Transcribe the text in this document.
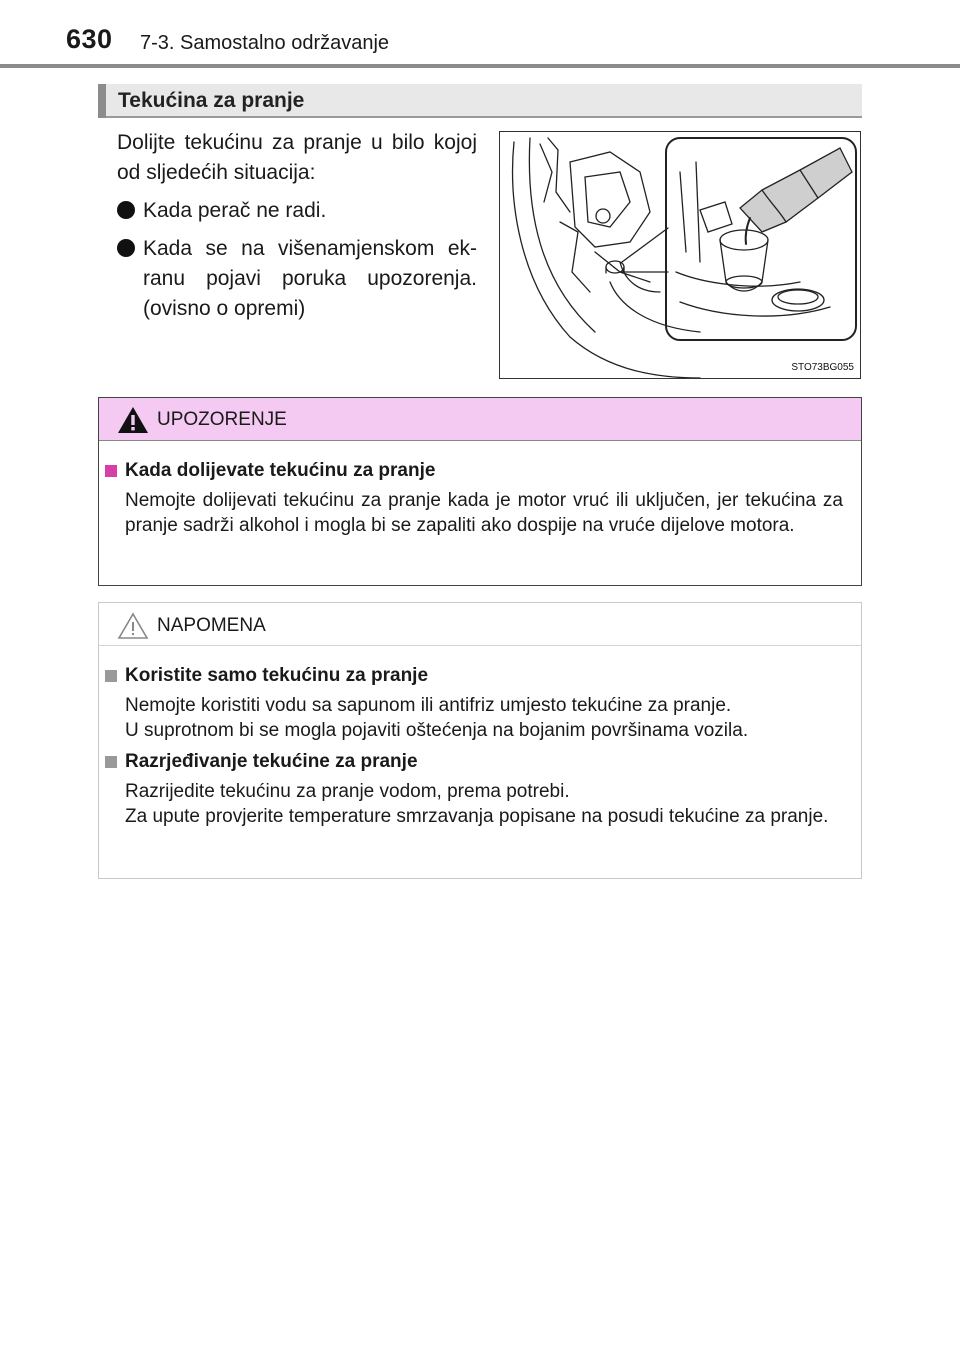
630 7-3. Samostalno održavanje
Tekućina za pranje

Dolijte tekućinu za pranje u bilo kojoj od sljedećih situacija:

Kada perač ne radi.
Kada se na višenamjenskom ek- ranu pojavi poruka upozorenja. (ovisno o opremi)
STO73BG055
UPOZORENJE
Kada dolijevate tekućinu za pranje
Nemojte dolijevati tekućinu za pranje kada je motor vruć ili uključen, jer tekućina za pranje sadrži alkohol i mogla bi se zapaliti ako dospije na vruće dijelove motora.
NAPOMENA
Koristite samo tekućinu za pranje
Nemojte koristiti vodu sa sapunom ili antifriz umjesto tekućine za pranje.
U suprotnom bi se mogla pojaviti oštećenja na bojanim površinama vozila.
Razrjeđivanje tekućine za pranje
Razrijedite tekućinu za pranje vodom, prema potrebi.
Za upute provjerite temperature smrzavanja popisane na posudi tekućine za pranje.
